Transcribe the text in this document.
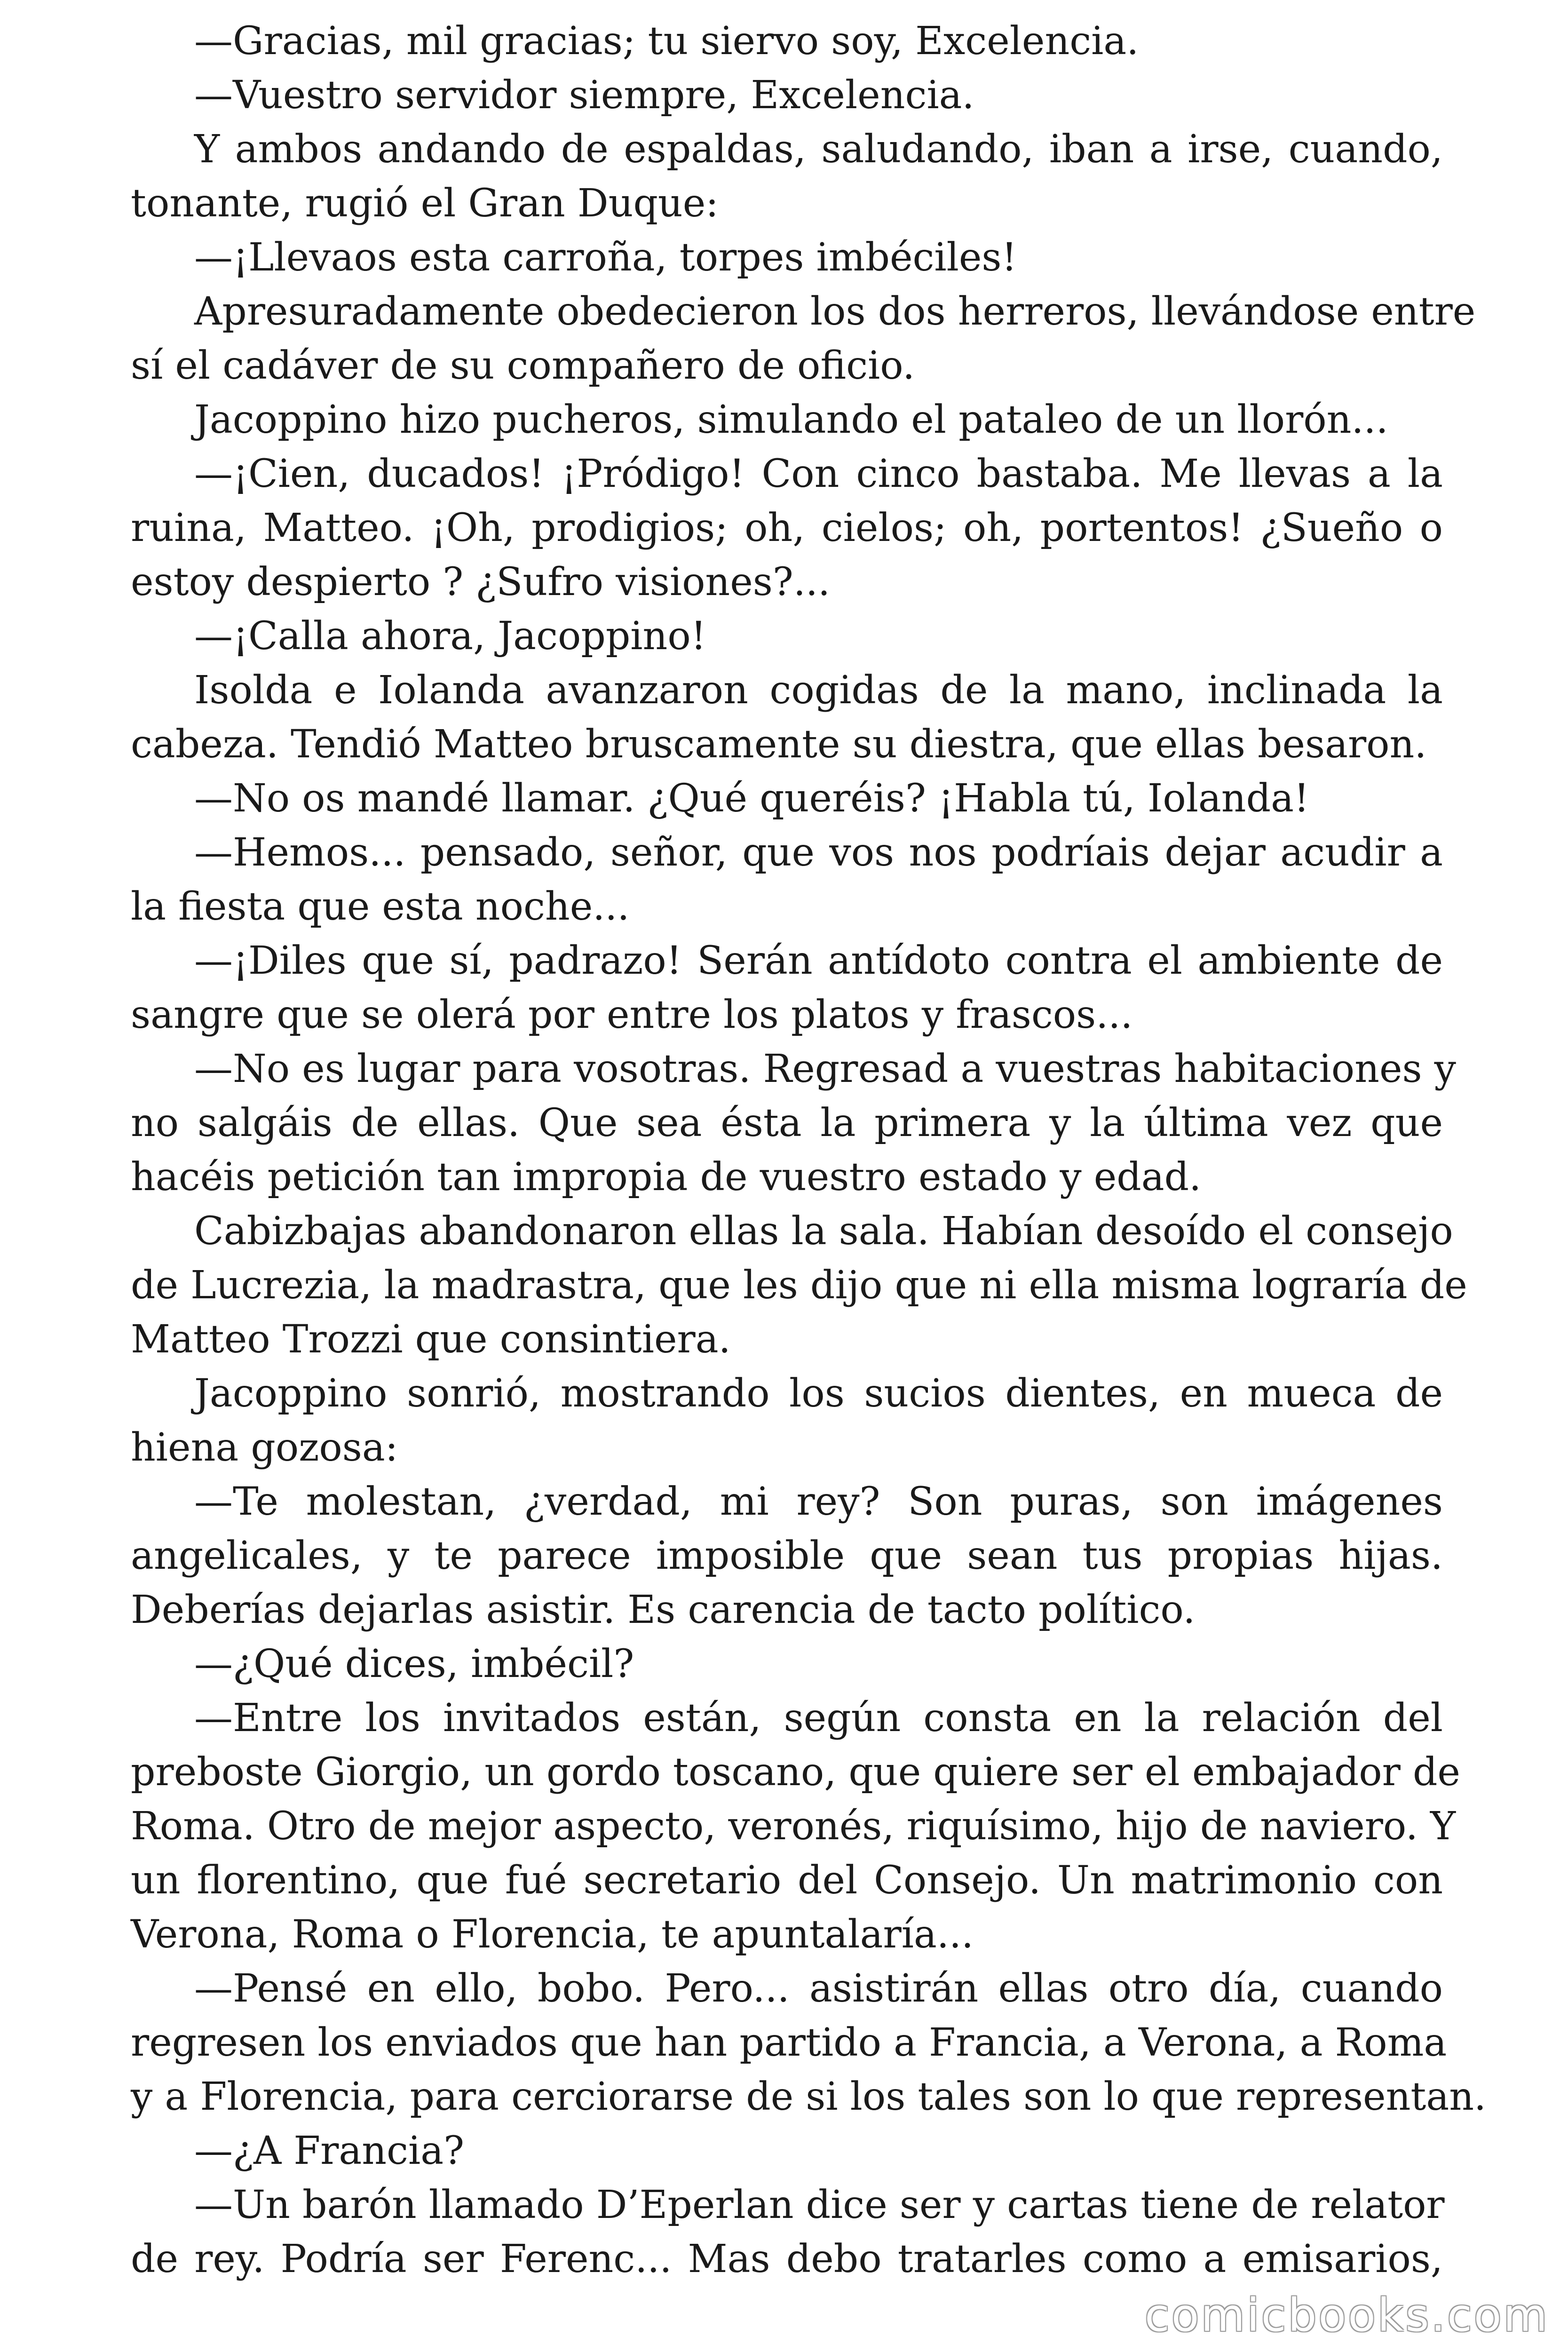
—Gracias, mil gracias; tu siervo soy, Excelencia.
—Vuestro servidor siempre, Excelencia.
Y ambos andando de espaldas, saludando, iban a irse, cuando,
tonante, rugió el Gran Duque:
—¡Llevaos esta carroña, torpes imbéciles!
Apresuradamente obedecieron los dos herreros, llevándose entre
sí el cadáver de su compañero de oficio.
Jacoppino hizo pucheros, simulando el pataleo de un llorón...
—¡Cien, ducados! ¡Pródigo! Con cinco bastaba. Me llevas a la
ruina, Matteo. ¡Oh, prodigios; oh, cielos; oh, portentos! ¿Sueño o
estoy despierto ? ¿Sufro visiones?...
—¡Calla ahora, Jacoppino!
Isolda e Iolanda avanzaron cogidas de la mano, inclinada la
cabeza. Tendió Matteo bruscamente su diestra, que ellas besaron.
—No os mandé llamar. ¿Qué queréis? ¡Habla tú, Iolanda!
—Hemos... pensado, señor, que vos nos podríais dejar acudir a
la fiesta que esta noche...
—¡Diles que sí, padrazo! Serán antídoto contra el ambiente de
sangre que se olerá por entre los platos y frascos...
—No es lugar para vosotras. Regresad a vuestras habitaciones y
no salgáis de ellas. Que sea ésta la primera y la última vez que
hacéis petición tan impropia de vuestro estado y edad.
Cabizbajas abandonaron ellas la sala. Habían desoído el consejo
de Lucrezia, la madrastra, que les dijo que ni ella misma lograría de
Matteo Trozzi que consintiera.
Jacoppino sonrió, mostrando los sucios dientes, en mueca de
hiena gozosa:
—Te molestan, ¿verdad, mi rey? Son puras, son imágenes
angelicales, y te parece imposible que sean tus propias hijas.
Deberías dejarlas asistir. Es carencia de tacto político.
—¿Qué dices, imbécil?
—Entre los invitados están, según consta en la relación del
preboste Giorgio, un gordo toscano, que quiere ser el embajador de
Roma. Otro de mejor aspecto, veronés, riquísimo, hijo de naviero. Y
un florentino, que fué secretario del Consejo. Un matrimonio con
Verona, Roma o Florencia, te apuntalaría...
—Pensé en ello, bobo. Pero... asistirán ellas otro día, cuando
regresen los enviados que han partido a Francia, a Verona, a Roma
y a Florencia, para cerciorarse de si los tales son lo que representan.
—¿A Francia?
—Un barón llamado D’Eperlan dice ser y cartas tiene de relator
de rey. Podría ser Ferenc... Mas debo tratarles como a emisarios,
comicbooks.com
